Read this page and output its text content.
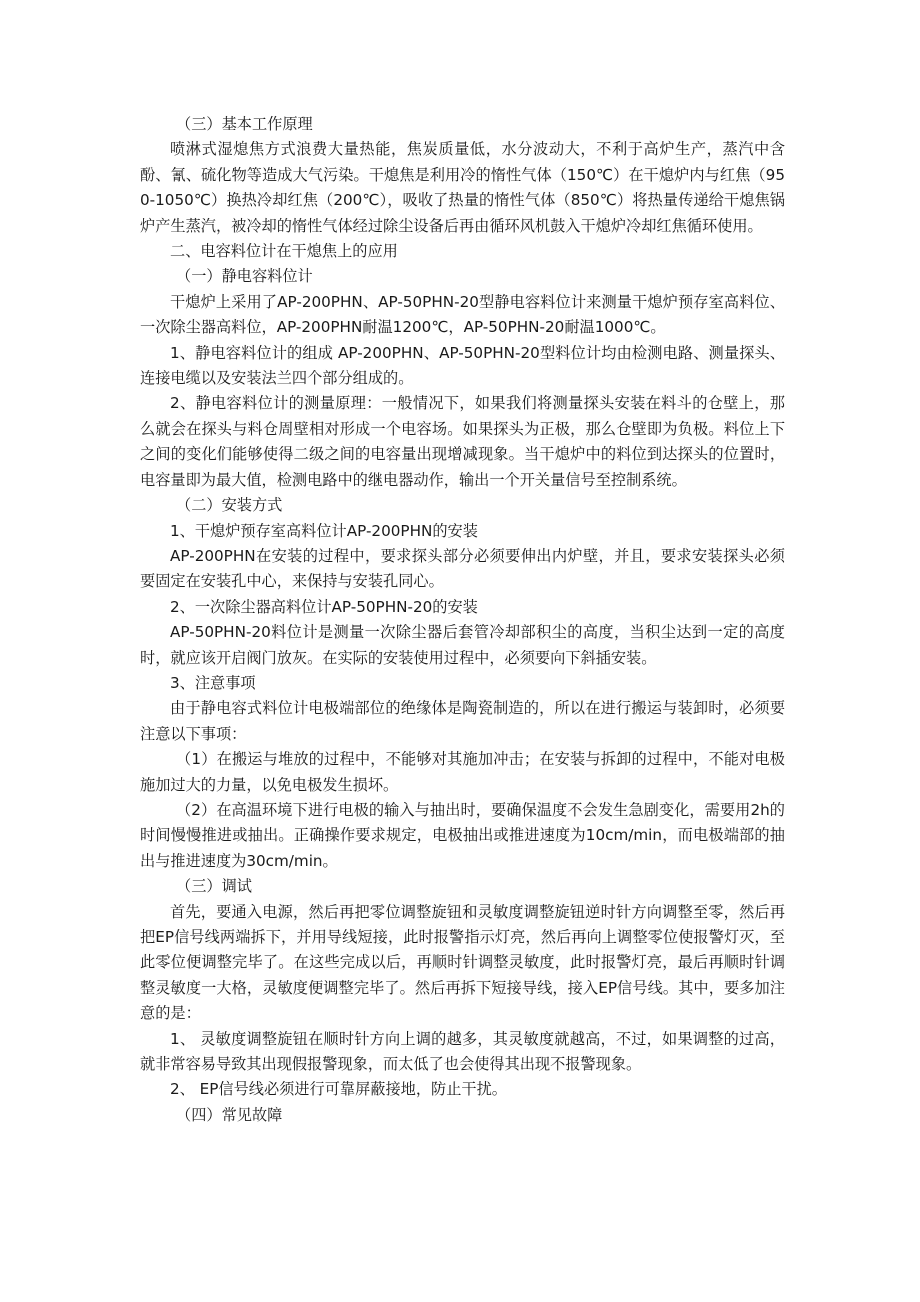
（三）基本工作原理

喷淋式湿熄焦方式浪费大量热能，焦炭质量低，水分波动大，不利于高炉生产，蒸汽中含酚、氰、硫化物等造成大气污染。干熄焦是利用冷的惰性气体（150℃）在干熄炉内与红焦（950-1050℃）换热冷却红焦（200℃），吸收了热量的惰性气体（850℃）将热量传递给干熄焦锅炉产生蒸汽，被冷却的惰性气体经过除尘设备后再由循环风机鼓入干熄炉冷却红焦循环使用。

二、电容料位计在干熄焦上的应用

（一）静电容料位计

干熄炉上采用了AP-200PHN、AP-50PHN-20型静电容料位计来测量干熄炉预存室高料位、一次除尘器高料位，AP-200PHN耐温1200℃，AP-50PHN-20耐温1000℃。

1、静电容料位计的组成 AP-200PHN、AP-50PHN-20型料位计均由检测电路、测量探头、连接电缆以及安装法兰四个部分组成的。

2、静电容料位计的测量原理：一般情况下，如果我们将测量探头安装在料斗的仓壁上，那么就会在探头与料仓周壁相对形成一个电容场。如果探头为正极，那么仓壁即为负极。料位上下之间的变化们能够使得二级之间的电容量出现增减现象。当干熄炉中的料位到达探头的位置时，电容量即为最大值，检测电路中的继电器动作，输出一个开关量信号至控制系统。

（二）安装方式

1、干熄炉预存室高料位计AP-200PHN的安装

AP-200PHN在安装的过程中，要求探头部分必须要伸出内炉壁，并且，要求安装探头必须要固定在安装孔中心，来保持与安装孔同心。

2、一次除尘器高料位计AP-50PHN-20的安装

AP-50PHN-20料位计是测量一次除尘器后套管冷却部积尘的高度，当积尘达到一定的高度时，就应该开启阀门放灰。在实际的安装使用过程中，必须要向下斜插安装。

3、注意事项

由于静电容式料位计电极端部位的绝缘体是陶瓷制造的，所以在进行搬运与装卸时，必须要注意以下事项：

（1）在搬运与堆放的过程中，不能够对其施加冲击；在安装与拆卸的过程中，不能对电极施加过大的力量，以免电极发生损坏。

（2）在高温环境下进行电极的输入与抽出时，要确保温度不会发生急剧变化，需要用2h的时间慢慢推进或抽出。正确操作要求规定，电极抽出或推进速度为10cm/min，而电极端部的抽出与推进速度为30cm/min。

（三）调试

首先，要通入电源，然后再把零位调整旋钮和灵敏度调整旋钮逆时针方向调整至零，然后再把EP信号线两端拆下，并用导线短接，此时报警指示灯亮，然后再向上调整零位使报警灯灭，至此零位便调整完毕了。在这些完成以后，再顺时针调整灵敏度，此时报警灯亮，最后再顺时针调整灵敏度一大格，灵敏度便调整完毕了。然后再拆下短接导线，接入EP信号线。其中，要多加注意的是：

1、 灵敏度调整旋钮在顺时针方向上调的越多，其灵敏度就越高，不过，如果调整的过高，就非常容易导致其出现假报警现象，而太低了也会使得其出现不报警现象。

2、 EP信号线必须进行可靠屏蔽接地，防止干扰。

（四）常见故障
